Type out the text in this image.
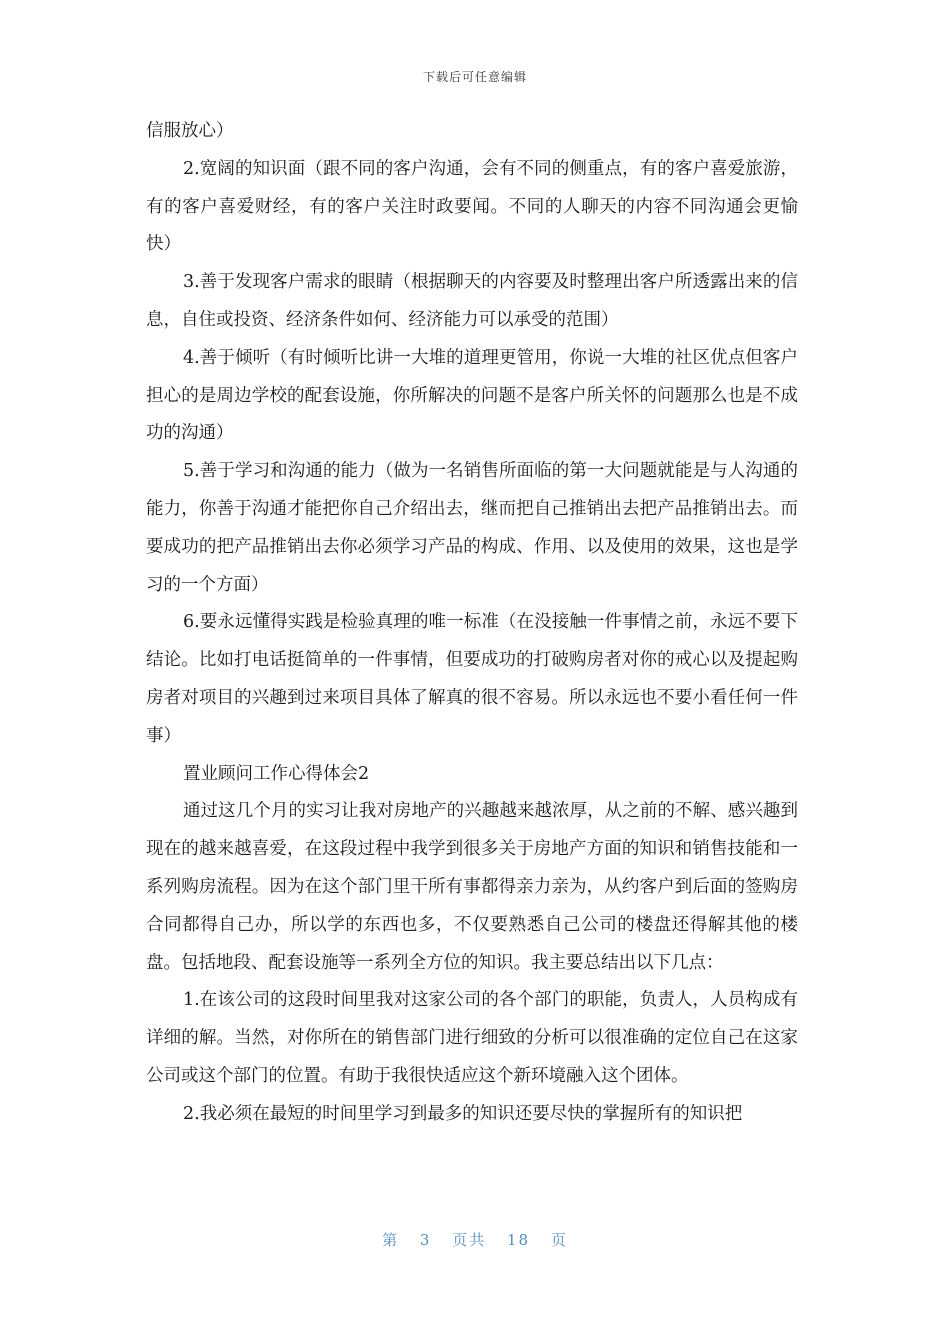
下载后可任意编辑

信服放心）

2.宽阔的知识面（跟不同的客户沟通，会有不同的侧重点，有的客户喜爱旅游，有的客户喜爱财经，有的客户关注时政要闻。不同的人聊天的内容不同沟通会更愉快）

3.善于发现客户需求的眼睛（根据聊天的内容要及时整理出客户所透露出来的信息，自住或投资、经济条件如何、经济能力可以承受的范围）

4.善于倾听（有时倾听比讲一大堆的道理更管用，你说一大堆的社区优点但客户担心的是周边学校的配套设施，你所解决的问题不是客户所关怀的问题那么也是不成功的沟通）

5.善于学习和沟通的能力（做为一名销售所面临的第一大问题就能是与人沟通的能力，你善于沟通才能把你自己介绍出去，继而把自己推销出去把产品推销出去。而要成功的把产品推销出去你必须学习产品的构成、作用、以及使用的效果，这也是学习的一个方面）

6.要永远懂得实践是检验真理的唯一标准（在没接触一件事情之前，永远不要下结论。比如打电话挺简单的一件事情，但要成功的打破购房者对你的戒心以及提起购房者对项目的兴趣到过来项目具体了解真的很不容易。所以永远也不要小看任何一件事）

置业顾问工作心得体会2

通过这几个月的实习让我对房地产的兴趣越来越浓厚，从之前的不解、感兴趣到现在的越来越喜爱，在这段过程中我学到很多关于房地产方面的知识和销售技能和一系列购房流程。因为在这个部门里干所有事都得亲力亲为，从约客户到后面的签购房合同都得自己办，所以学的东西也多，不仅要熟悉自己公司的楼盘还得解其他的楼盘。包括地段、配套设施等一系列全方位的知识。我主要总结出以下几点：

1.在该公司的这段时间里我对这家公司的各个部门的职能，负责人，人员构成有详细的解。当然，对你所在的销售部门进行细致的分析可以很准确的定位自己在这家公司或这个部门的位置。有助于我很快适应这个新环境融入这个团体。

2.我必须在最短的时间里学习到最多的知识还要尽快的掌握所有的知识把

第 3 页共 18 页
